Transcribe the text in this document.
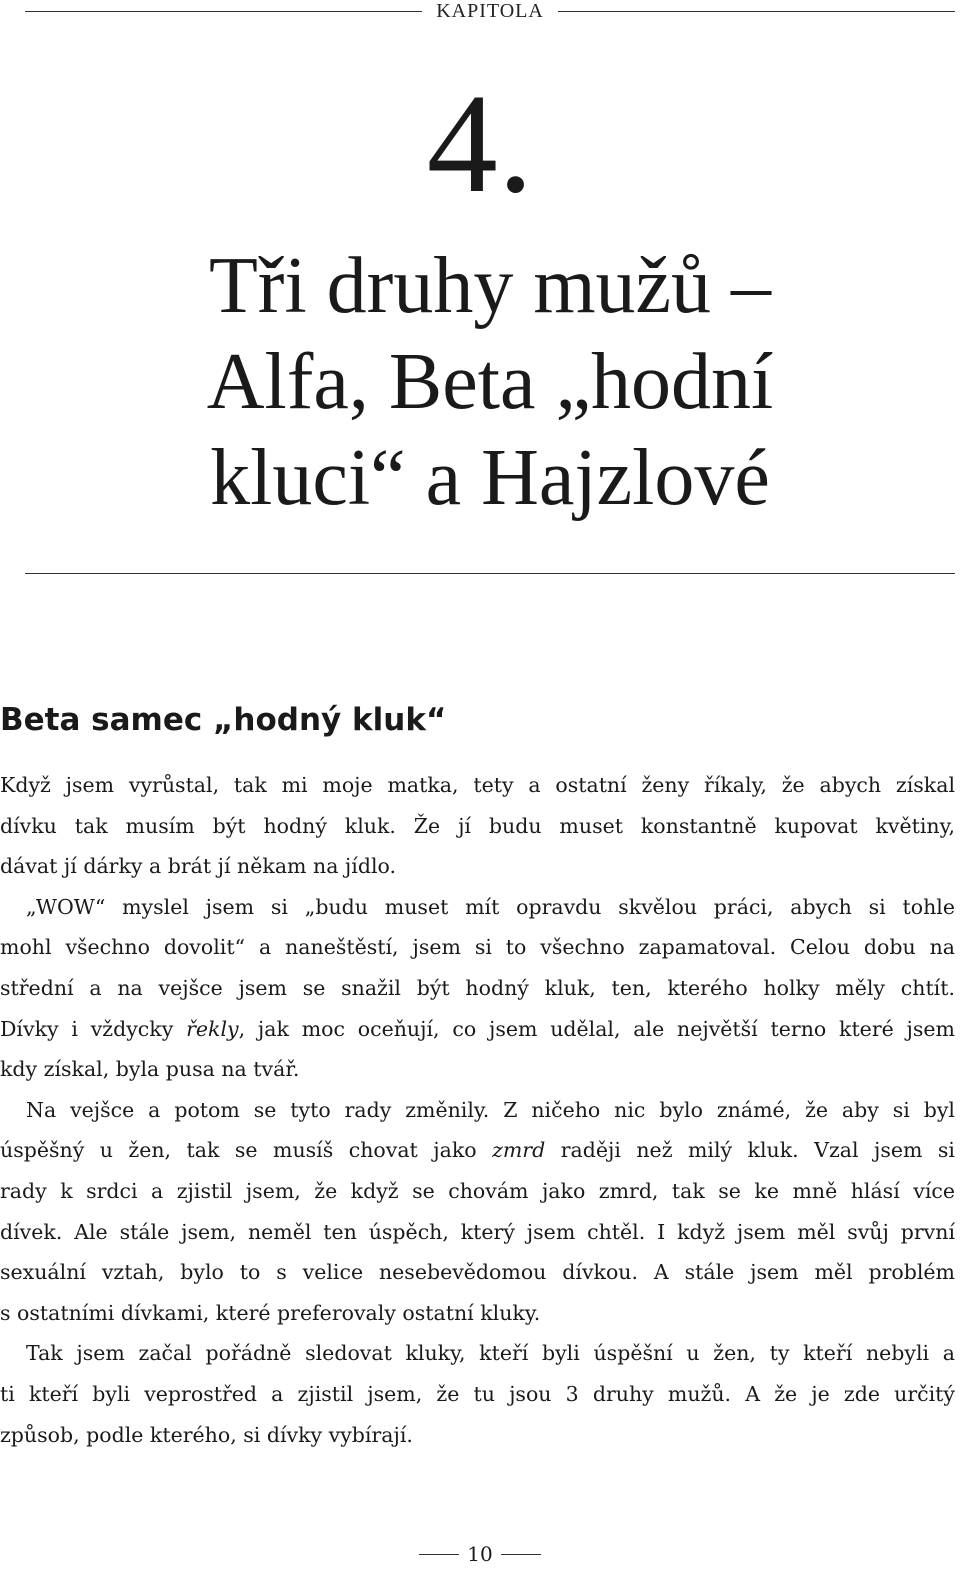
KAPITOLA
4.
Tři druhy mužů –
Alfa, Beta „hodní
kluci“ a Hajzlové
Beta samec „hodný kluk“
Když jsem vyrůstal, tak mi moje matka, tety a ostatní ženy říkaly, že abych získal
dívku tak musím být hodný kluk. Že jí budu muset konstantně kupovat květiny,
dávat jí dárky a brát jí někam na jídlo.
„WOW“ myslel jsem si „budu muset mít opravdu skvělou práci, abych si tohle
mohl všechno dovolit“ a naneštěstí, jsem si to všechno zapamatoval. Celou dobu na
střední a na vejšce jsem se snažil být hodný kluk, ten, kterého holky měly chtít.
Dívky i vždycky řekly, jak moc oceňují, co jsem udělal, ale největší terno které jsem
kdy získal, byla pusa na tvář.
Na vejšce a potom se tyto rady změnily. Z ničeho nic bylo známé, že aby si byl
úspěšný u žen, tak se musíš chovat jako zmrd raději než milý kluk. Vzal jsem si
rady k srdci a zjistil jsem, že když se chovám jako zmrd, tak se ke mně hlásí více
dívek. Ale stále jsem, neměl ten úspěch, který jsem chtěl. I když jsem měl svůj první
sexuální vztah, bylo to s velice nesebevědomou dívkou. A stále jsem měl problém
s ostatními dívkami, které preferovaly ostatní kluky.
Tak jsem začal pořádně sledovat kluky, kteří byli úspěšní u žen, ty kteří nebyli a
ti kteří byli veprostřed a zjistil jsem, že tu jsou 3 druhy mužů. A že je zde určitý
způsob, podle kterého, si dívky vybírají.
10
